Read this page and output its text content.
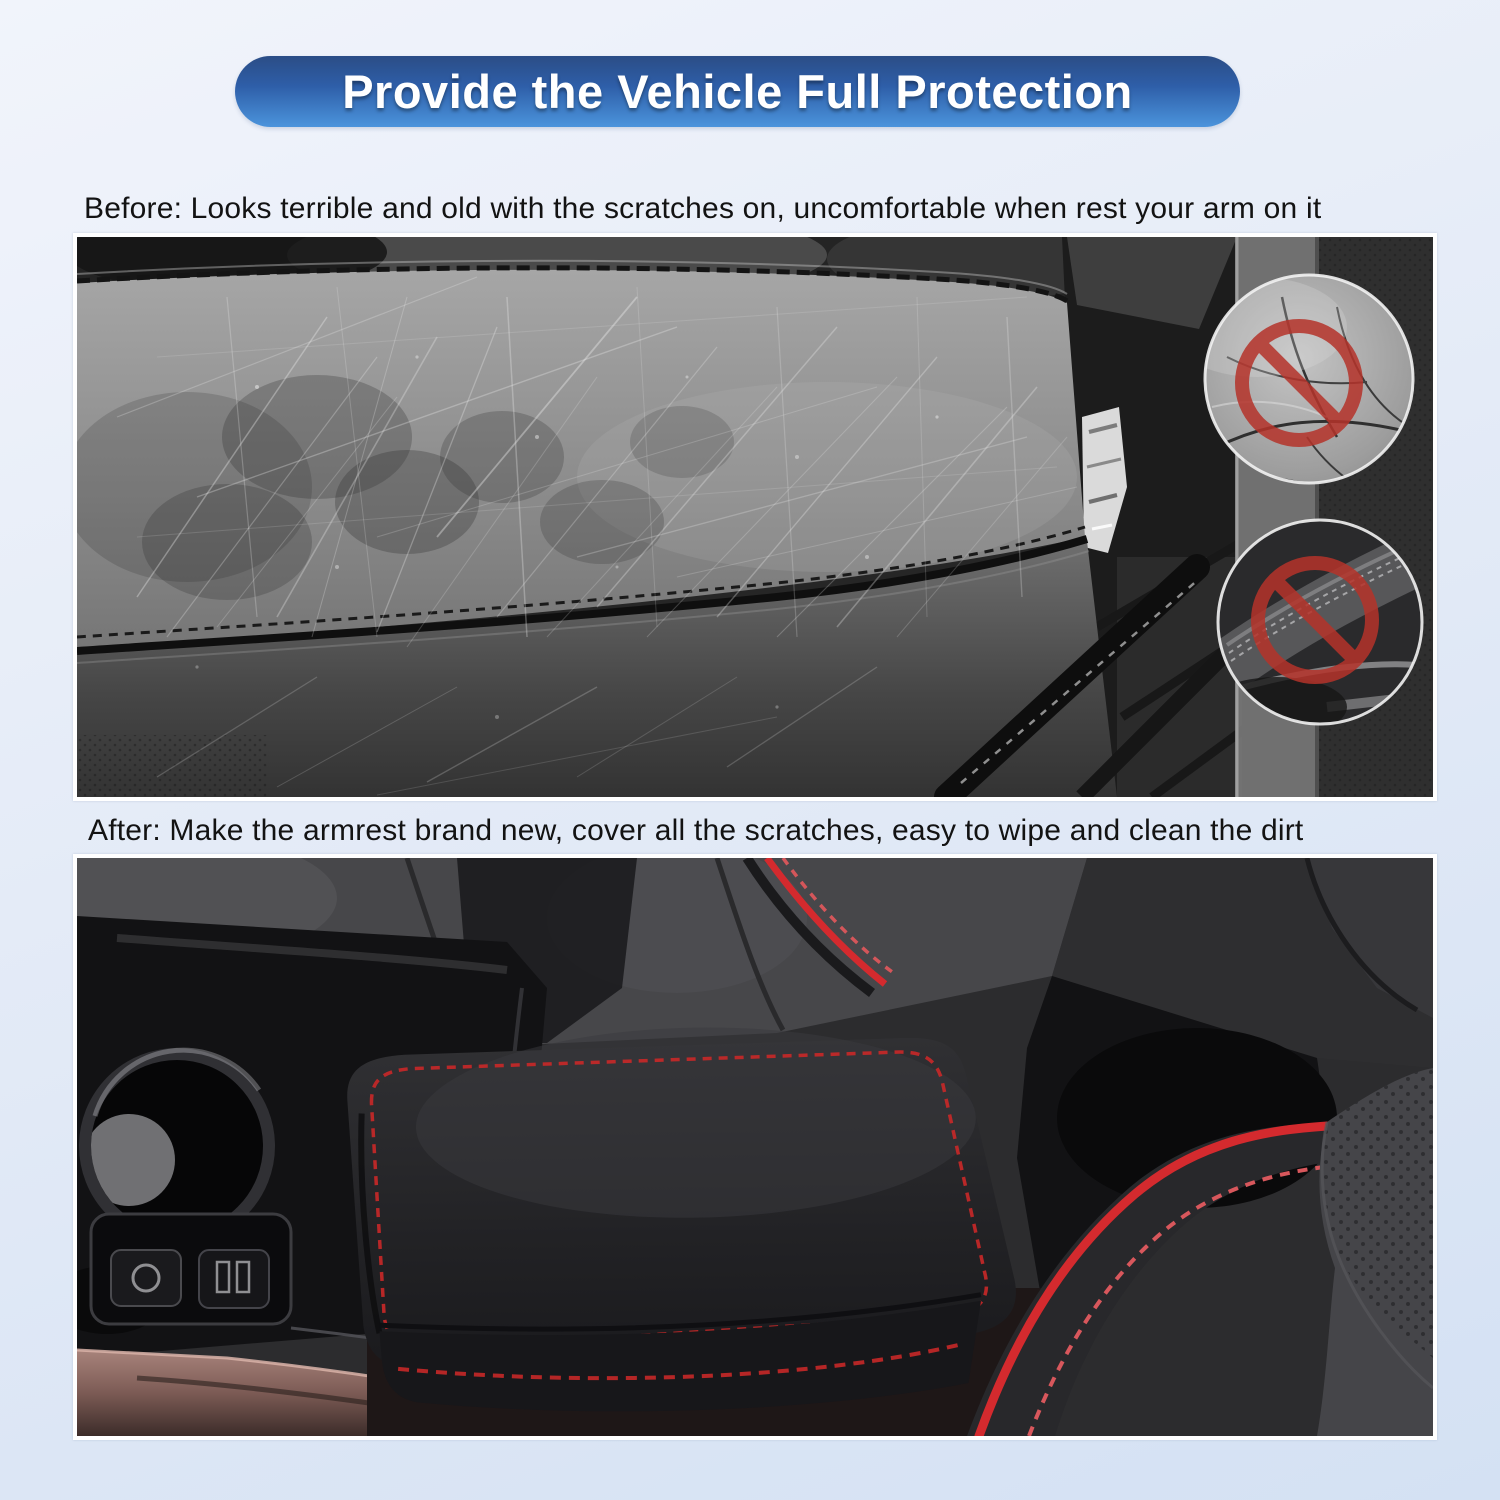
Provide the Vehicle Full Protection
Before: Looks terrible and old with the scratches on, uncomfortable when rest your arm on it
After: Make the armrest brand new, cover all the scratches, easy to wipe and clean the dirt
